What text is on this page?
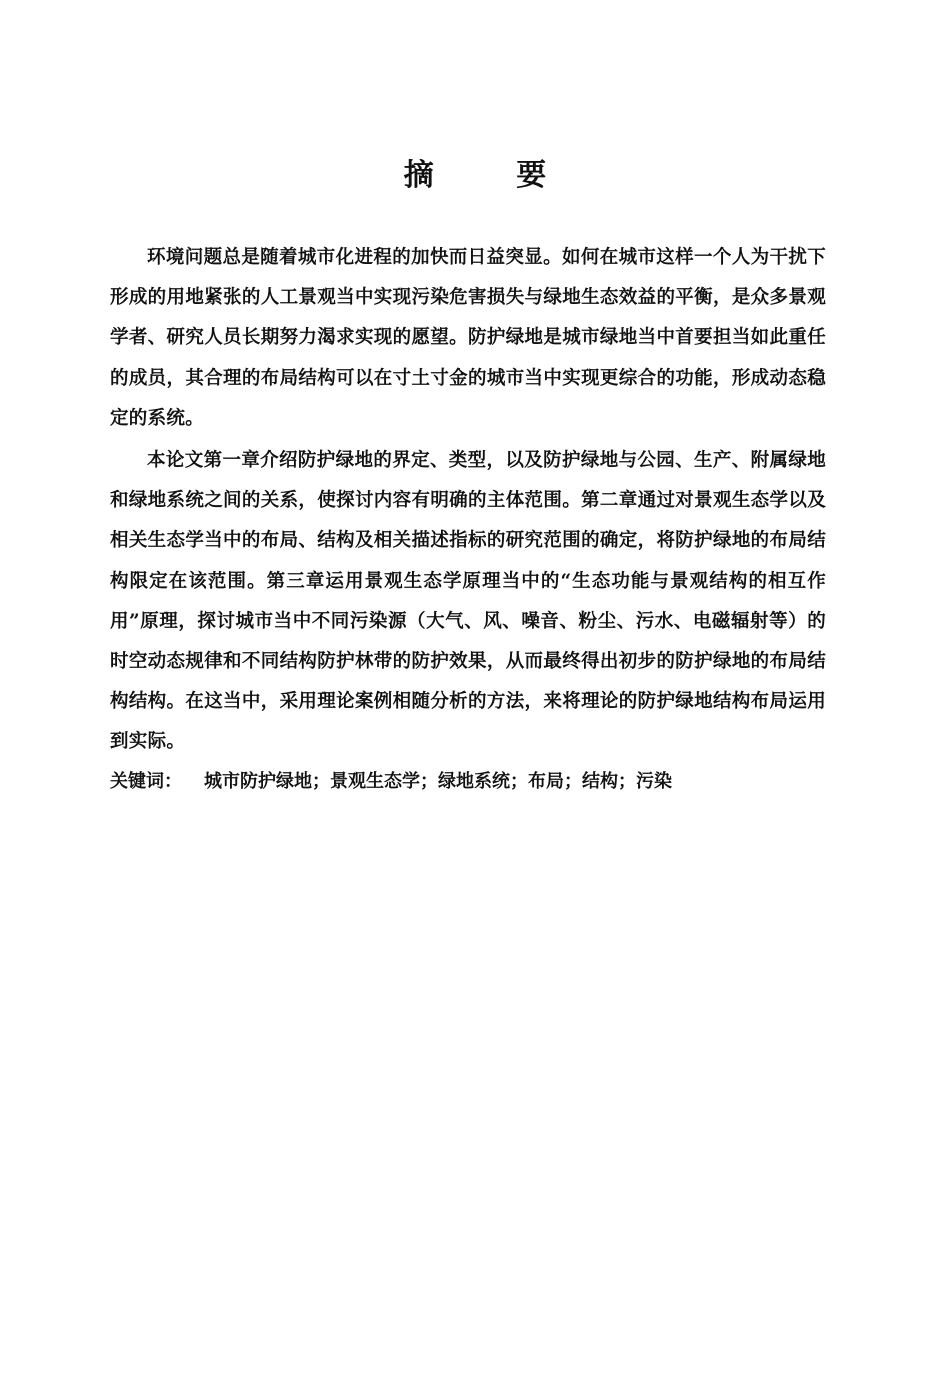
摘 要

环境问题总是随着城市化进程的加快而日益突显。如何在城市这样一个人为干扰下形成的用地紧张的人工景观当中实现污染危害损失与绿地生态效益的平衡，是众多景观学者、研究人员长期努力渴求实现的愿望。防护绿地是城市绿地当中首要担当如此重任的成员，其合理的布局结构可以在寸土寸金的城市当中实现更综合的功能，形成动态稳定的系统。

本论文第一章介绍防护绿地的界定、类型，以及防护绿地与公园、生产、附属绿地和绿地系统之间的关系，使探讨内容有明确的主体范围。第二章通过对景观生态学以及相关生态学当中的布局、结构及相关描述指标的研究范围的确定，将防护绿地的布局结构限定在该范围。第三章运用景观生态学原理当中的“生态功能与景观结构的相互作用”原理，探讨城市当中不同污染源（大气、风、噪音、粉尘、污水、电磁辐射等）的时空动态规律和不同结构防护林带的防护效果，从而最终得出初步的防护绿地的布局结构结构。在这当中，采用理论案例相随分析的方法，来将理论的防护绿地结构布局运用到实际。

关键词： 城市防护绿地；景观生态学；绿地系统；布局；结构；污染
